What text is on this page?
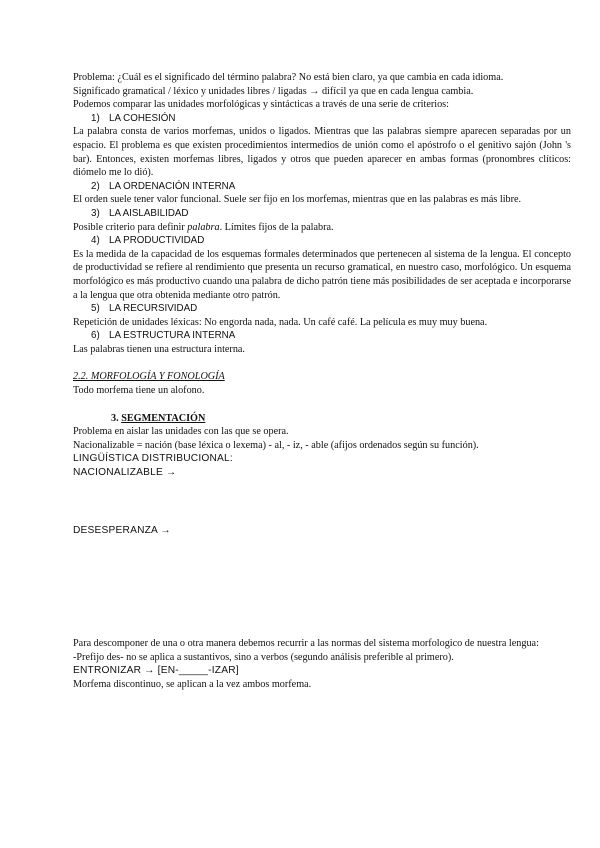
Problema: ¿Cuál es el significado del término palabra? No está bien claro, ya que cambia en cada idioma.

Significado gramatical / léxico y unidades libres / ligadas → difícil ya que en cada lengua cambia.

Podemos comparar las unidades morfológicas y sintácticas a través de una serie de criterios:

1) LA COHESIÓN

La palabra consta de varios morfemas, unidos o ligados. Mientras que las palabras siempre aparecen separadas por un espacio. El problema es que existen procedimientos intermedios de unión como el apóstrofo o el genitivo sajón (John 's bar). Entonces, existen morfemas libres, ligados y otros que pueden aparecer en ambas formas (pronombres clíticos: diómelo me lo dió).

2) LA ORDENACIÓN INTERNA

El orden suele tener valor funcional. Suele ser fijo en los morfemas, mientras que en las palabras es más libre.

3) LA AISLABILIDAD

Posible criterio para definir palabra. Límites fijos de la palabra.

4) LA PRODUCTIVIDAD

Es la medida de la capacidad de los esquemas formales determinados que pertenecen al sistema de la lengua. El concepto de productividad se refiere al rendimiento que presenta un recurso gramatical, en nuestro caso, morfológico. Un esquema morfológico es más productivo cuando una palabra de dicho patrón tiene más posibilidades de ser aceptada e incorporarse a la lengua que otra obtenida mediante otro patrón.

5) LA RECURSIVIDAD

Repetición de unidades léxicas: No engorda nada, nada. Un café café. La película es muy muy buena.

6) LA ESTRUCTURA INTERNA

Las palabras tienen una estructura interna.

2.2. MORFOLOGÍA Y FONOLOGÍA

Todo morfema tiene un alofono.

3. SEGMENTACIÓN

Problema en aislar las unidades con las que se opera.

Nacionalizable = nación (base léxica o lexema) - al, - iz, - able (afijos ordenados según su función).

LINGÜÍSTICA DISTRIBUCIONAL:

NACIONALIZABLE →

DESESPERANZA →

Para descomponer de una o otra manera debemos recurrir a las normas del sistema morfologico de nuestra lengua:

-Prefijo des- no se aplica a sustantivos, sino a verbos (segundo análisis preferible al primero).

ENTRONIZAR → [EN-_____-IZAR]

Morfema discontinuo, se aplican a la vez ambos morfema.
